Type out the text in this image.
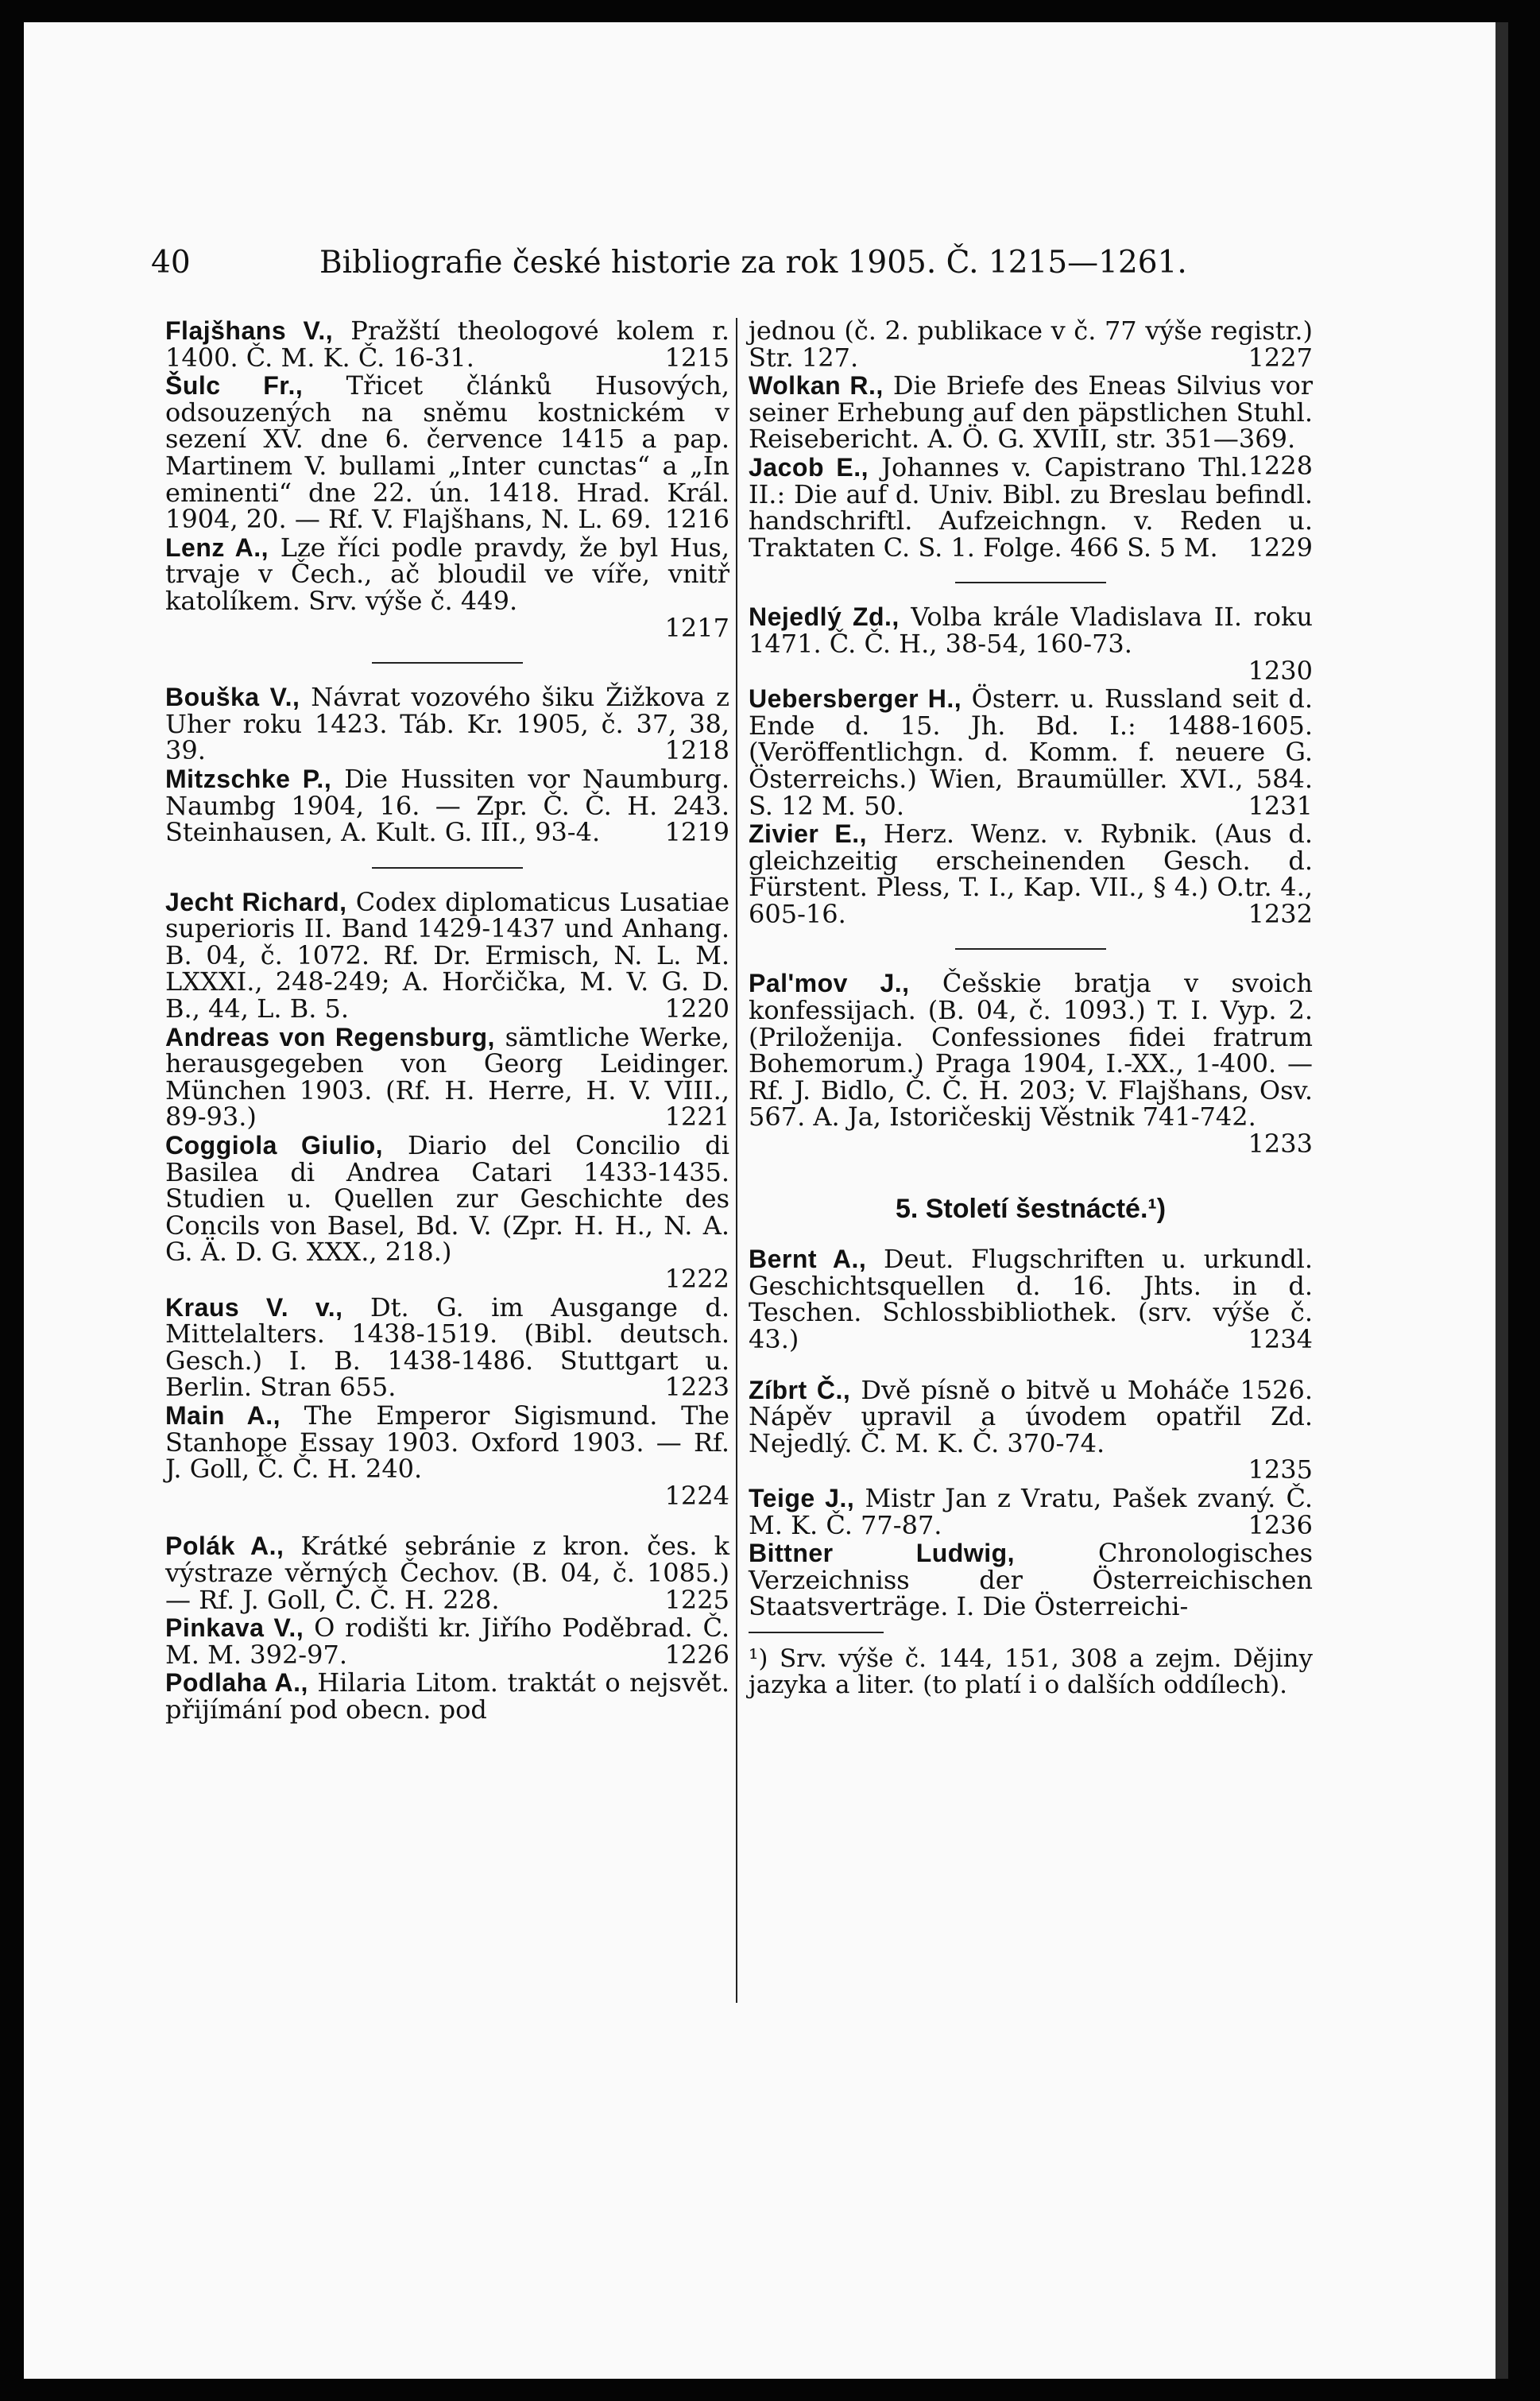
40	Bibliografie české historie za rok 1905. Č. 1215—1261.
Flajšhans V., Pražští theologové kolem r. 1400. Č. M. K. Č. 16-31.	1215
Šulc Fr., Třicet článků Husových, odsouzených na sněmu kostnickém v sezení XV. dne 6. července 1415 a pap. Martinem V. bullami „Inter cunctas“ a „In eminenti“ dne 22. ún. 1418. Hrad. Král. 1904, 20. — Rf. V. Flajšhans, N. L. 69. 1216
Lenz A., Lze říci podle pravdy, že byl Hus, trvaje v Čech., ač bloudil ve víře, vnitř katolíkem. Srv. výše č. 449.
1217
Bouška V., Návrat vozového šiku Žižkova z Uher roku 1423. Táb. Kr. 1905, č. 37, 38, 39.	1218
Mitzschke P., Die Hussiten vor Naumburg. Naumbg 1904, 16. — Zpr. Č. Č. H. 243. Steinhausen, A. Kult. G. III., 93-4.	1219
Jecht Richard, Codex diplomaticus Lusatiae superioris II. Band 1429-1437 und Anhang. B. 04, č. 1072. Rf. Dr. Ermisch, N. L. M. LXXXI., 248-249; A. Horčička, M. V. G. D. B., 44, L. B. 5.	1220
Andreas von Regensburg, sämtliche Werke, herausgegeben von Georg Leidinger. München 1903. (Rf. H. Herre, H. V. VIII., 89-93.)	1221
Coggiola Giulio, Diario del Concilio di Basilea di Andrea Catari 1433-1435. Studien u. Quellen zur Geschichte des Concils von Basel, Bd. V. (Zpr. H. H., N. A. G. Ä. D. G. XXX., 218.)
1222
Kraus V. v., Dt. G. im Ausgange d. Mittelalters. 1438-1519. (Bibl. deutsch. Gesch.) I. B. 1438-1486. Stuttgart u. Berlin. Stran 655.	1223
Main A., The Emperor Sigismund. The Stanhope Essay 1903. Oxford 1903. — Rf. J. Goll, Č. Č. H. 240.
1224
Polák A., Krátké sebránie z kron. čes. k výstraze věrných Čechov. (B. 04, č. 1085.) — Rf. J. Goll, Č. Č. H. 228.	1225
Pinkava V., O rodišti kr. Jiřího Poděbrad. Č. M. M. 392-97.	1226
Podlaha A., Hilaria Litom. traktát o nejsvět. přijímání pod obecn. pod
jednou (č. 2. publikace v č. 77 výše registr.) Str. 127.	1227
Wolkan R., Die Briefe des Eneas Silvius vor seiner Erhebung auf den päpstlichen Stuhl. Reisebericht. A. Ö. G. XVIII, str. 351—369.
1228
Jacob E., Johannes v. Capistrano Thl. II.: Die auf d. Univ. Bibl. zu Breslau befindl. handschriftl. Aufzeichngn. v. Reden u. Traktaten C. S. 1. Folge. 466 S. 5 M. 1229
Nejedlý Zd., Volba krále Vladislava II. roku 1471. Č. Č. H., 38-54, 160-73.
1230
Uebersberger H., Österr. u. Russland seit d. Ende d. 15. Jh. Bd. I.: 1488-1605. (Veröffentlichgn. d. Komm. f. neuere G. Österreichs.) Wien, Braumüller. XVI., 584. S. 12 M. 50.	1231
Zivier E., Herz. Wenz. v. Rybnik. (Aus d. gleichzeitig erscheinenden Gesch. d. Fürstent. Pless, T. I., Kap. VII., § 4.) O.tr. 4., 605-16.	1232
Pal'mov J., Češskie bratja v svoich konfessijach. (B. 04, č. 1093.) T. I. Vyp. 2. (Priloženija. Confessiones fidei fratrum Bohemorum.) Praga 1904, I.-XX., 1-400. — Rf. J. Bidlo, Č. Č. H. 203; V. Flajšhans, Osv. 567. A. Ja, Istoričeskij Věstnik 741-742.
1233
5. Století šestnácté.¹)
Bernt A., Deut. Flugschriften u. urkundl. Geschichtsquellen d. 16. Jhts. in d. Teschen. Schlossbibliothek. (srv. výše č. 43.)	1234
Zíbrt Č., Dvě písně o bitvě u Moháče 1526. Nápěv upravil a úvodem opatřil Zd. Nejedlý. Č. M. K. Č. 370-74.
1235
Teige J., Mistr Jan z Vratu, Pašek zvaný. Č. M. K. Č. 77-87.	1236
Bittner Ludwig,	Chronologisches Verzeichniss der Österreichischen Staatsverträge. I. Die Österreichi-
¹) Srv. výše č. 144, 151, 308 a zejm. Dějiny jazyka a liter. (to platí i o dalších oddílech).
